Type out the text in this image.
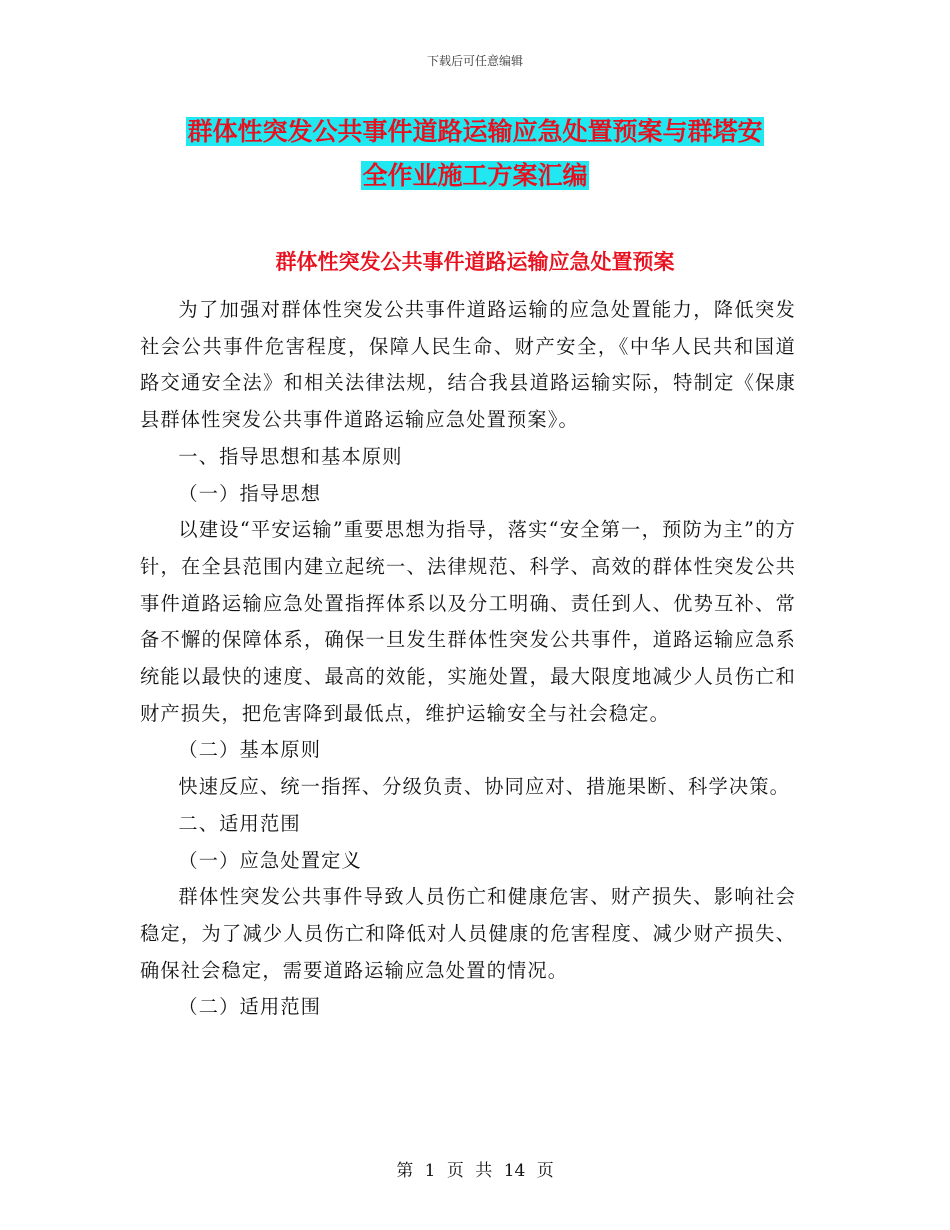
下载后可任意编辑
群体性突发公共事件道路运输应急处置预案与群塔安
全作业施工方案汇编
群体性突发公共事件道路运输应急处置预案

为了加强对群体性突发公共事件道路运输的应急处置能力，降低突发社会公共事件危害程度，保障人民生命、财产安全，《中华人民共和国道路交通安全法》和相关法律法规，结合我县道路运输实际，特制定《保康县群体性突发公共事件道路运输应急处置预案》。

一、指导思想和基本原则

（一）指导思想

以建设“平安运输”重要思想为指导，落实“安全第一，预防为主”的方针，在全县范围内建立起统一、法律规范、科学、高效的群体性突发公共事件道路运输应急处置指挥体系以及分工明确、责任到人、优势互补、常备不懈的保障体系，确保一旦发生群体性突发公共事件，道路运输应急系统能以最快的速度、最高的效能，实施处置，最大限度地减少人员伤亡和财产损失，把危害降到最低点，维护运输安全与社会稳定。

（二）基本原则

快速反应、统一指挥、分级负责、协同应对、措施果断、科学决策。

二、适用范围

（一）应急处置定义

群体性突发公共事件导致人员伤亡和健康危害、财产损失、影响社会稳定，为了减少人员伤亡和降低对人员健康的危害程度、减少财产损失、确保社会稳定，需要道路运输应急处置的情况。

（二）适用范围

第 1 页 共 14 页
